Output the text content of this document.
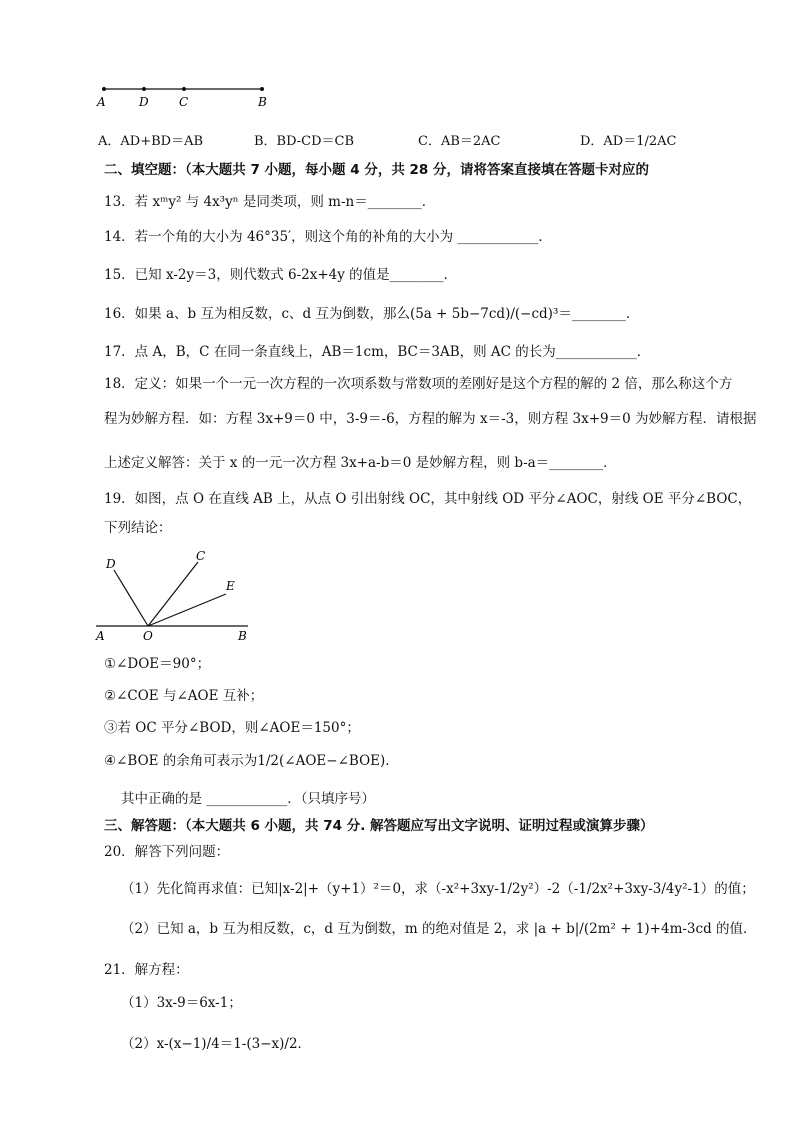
A	D	C	B
A．AD+BD＝AB	B．BD-CD＝CB	C．AB＝2AC	D．AD＝1/2AC
二、填空题：（本大题共 7 小题，每小题 4 分，共 28 分，请将答案直接填在答题卡对应的
13．若 xᵐy² 与 4x³yⁿ 是同类项，则 m-n＝________．
14．若一个角的大小为 46°35′，则这个角的补角的大小为 ____________．
15．已知 x-2y＝3，则代数式 6-2x+4y 的值是________．
16．如果 a、b 互为相反数，c、d 互为倒数，那么(5a + 5b−7cd)/(−cd)³＝________．
17．点 A，B，C 在同一条直线上，AB＝1cm，BC＝3AB，则 AC 的长为____________．
18．定义：如果一个一元一次方程的一次项系数与常数项的差刚好是这个方程的解的 2 倍，那么称这个方
程为妙解方程．如：方程 3x+9＝0 中，3-9＝-6，方程的解为 x＝-3，则方程 3x+9＝0 为妙解方程．请根据
上述定义解答：关于 x 的一元一次方程 3x+a-b＝0 是妙解方程，则 b-a＝________．
19．如图，点 O 在直线 AB 上，从点 O 引出射线 OC，其中射线 OD 平分∠AOC，射线 OE 平分∠BOC，
下列结论：
D
C
E
A	O	B
①∠DOE＝90°；
②∠COE 与∠AOE 互补；
③若 OC 平分∠BOD，则∠AOE＝150°；
④∠BOE 的余角可表示为1/2(∠AOE−∠BOE)．
其中正确的是 ____________．（只填序号）
三、解答题：（本大题共 6 小题，共 74 分. 解答题应写出文字说明、证明过程或演算步骤）
20．解答下列问题：
（1）先化简再求值：已知|x-2|+（y+1）²＝0，求（-x²+3xy-1/2y²）-2（-1/2x²+3xy-3/4y²-1）的值；
（2）已知 a，b 互为相反数，c，d 互为倒数，m 的绝对值是 2，求 |a + b|/(2m² + 1)+4m-3cd 的值．
21．解方程：
（1）3x-9＝6x-1；
（2）x-(x−1)/4＝1-(3−x)/2．
